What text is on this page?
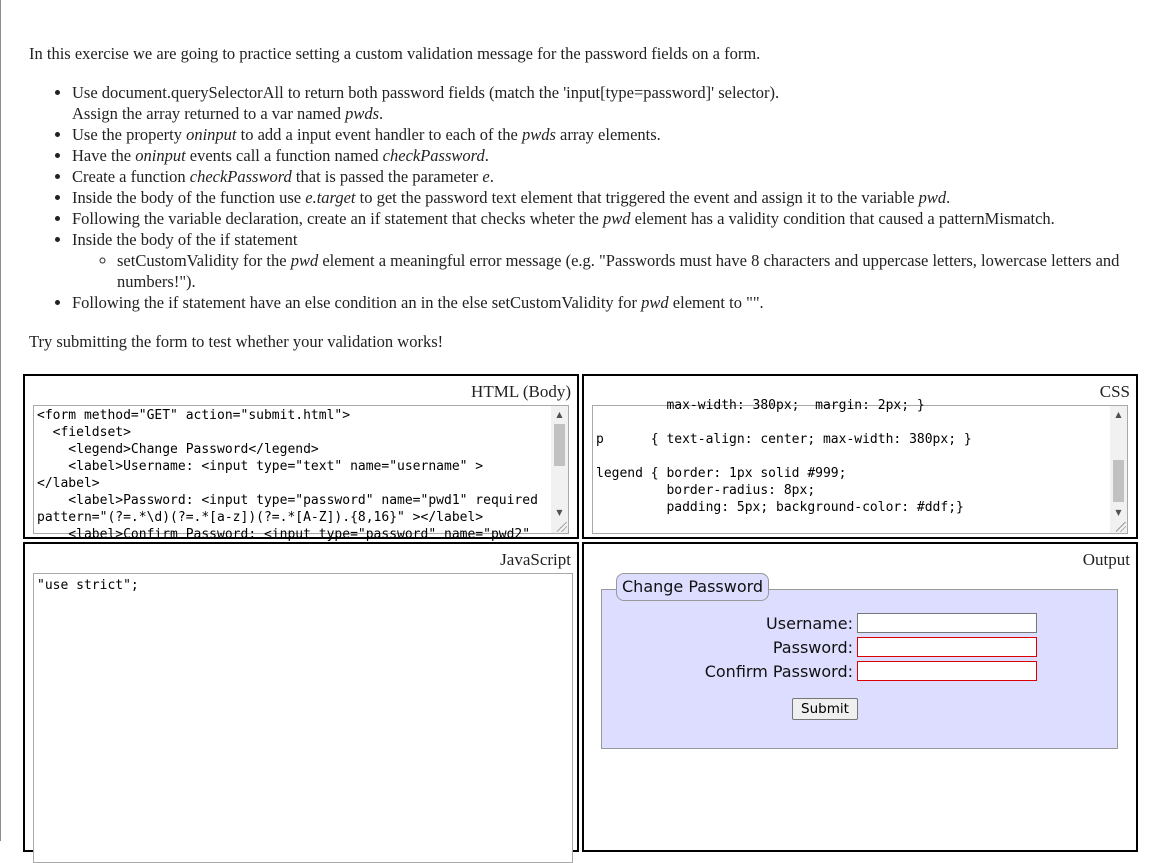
In this exercise we are going to practice setting a custom validation message for the password fields on a form.

• Use document.querySelectorAll to return both password fields (match the 'input[type=password]' selector).
Assign the array returned to a var named pwds.
• Use the property oninput to add a input event handler to each of the pwds array elements.
• Have the oninput events call a function named checkPassword.
• Create a function checkPassword that is passed the parameter e.
• Inside the body of the function use e.target to get the password text element that triggered the event and assign it to the variable pwd.
• Following the variable declaration, create an if statement that checks wheter the pwd element has a validity condition that caused a patternMismatch.
• Inside the body of the if statement
◦ setCustomValidity for the pwd element a meaningful error message (e.g. "Passwords must have 8 characters and uppercase letters, lowercase letters and numbers!").
• Following the if statement have an else condition an in the else setCustomValidity for pwd element to "".

Try submitting the form to test whether your validation works!

HTML (Body)

<form method="GET" action="submit.html">
<fieldset>
<legend>Change Password</legend>
<label>Username: <input type="text" name="username" >
</label>
<label>Password: <input type="password" name="pwd1" required
pattern="(?=.*\d)(?=.*[a-z])(?=.*[A-Z]).{8,16}" ></label>
<label>Confirm Password: <input type="password" name="pwd2"

▲

▼

CSS

max-width: 380px;  margin: 2px; }

p      { text-align: center; max-width: 380px; }

legend { border: 1px solid #999;
border-radius: 8px;
padding: 5px; background-color: #ddf;}

▲

▼

JavaScript

"use strict";

Output
Change Password
Username:
Password:
Confirm Password:
Submit
